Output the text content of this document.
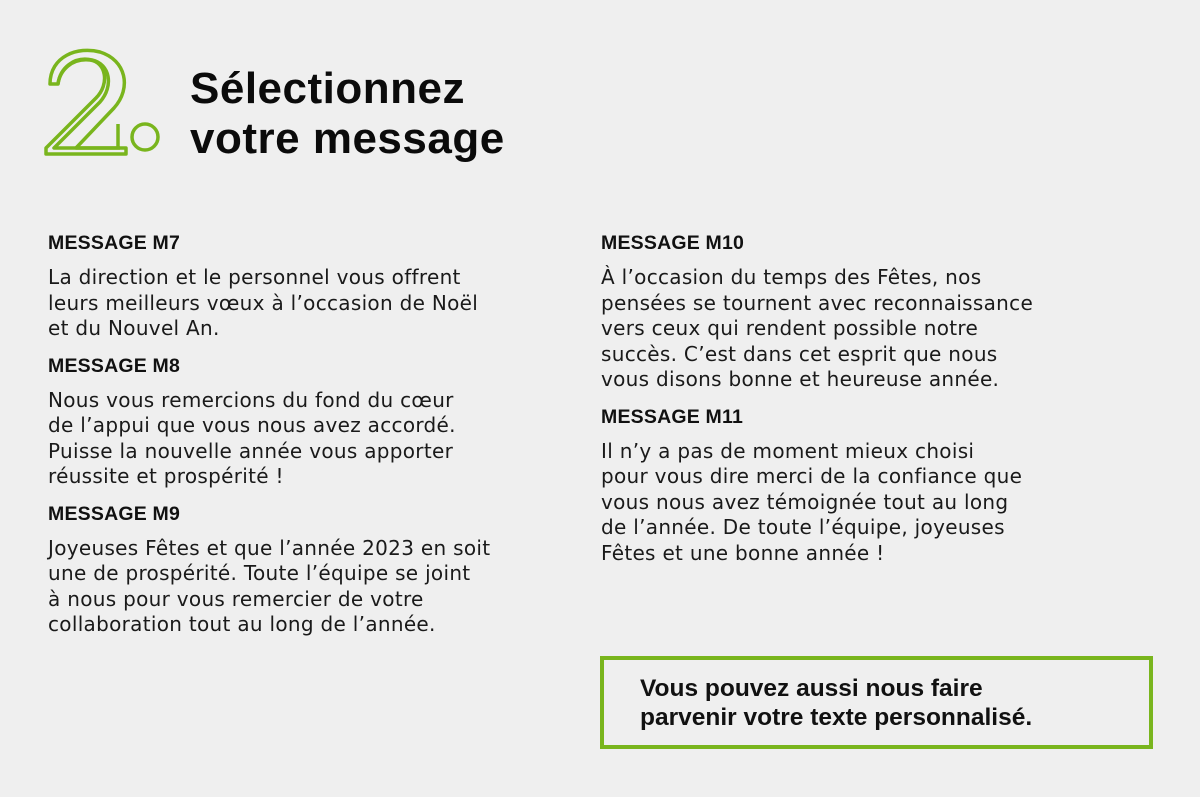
Sélectionnez
votre message
MESSAGE M7
La direction et le personnel vous offrent
leurs meilleurs vœux à l’occasion de Noël
et du Nouvel An.
MESSAGE M8
Nous vous remercions du fond du cœur
de l’appui que vous nous avez accordé.
Puisse la nouvelle année vous apporter
réussite et prospérité !
MESSAGE M9
Joyeuses Fêtes et que l’année 2023 en soit
une de prospérité. Toute l’équipe se joint
à nous pour vous remercier de votre
collaboration tout au long de l’année.
MESSAGE M10
À l’occasion du temps des Fêtes, nos
pensées se tournent avec reconnaissance
vers ceux qui rendent possible notre
succès. C’est dans cet esprit que nous
vous disons bonne et heureuse année.
MESSAGE M11
Il n’y a pas de moment mieux choisi
pour vous dire merci de la confiance que
vous nous avez témoignée tout au long
de l’année. De toute l’équipe, joyeuses
Fêtes et une bonne année !
Vous pouvez aussi nous faire
parvenir votre texte personnalisé.
